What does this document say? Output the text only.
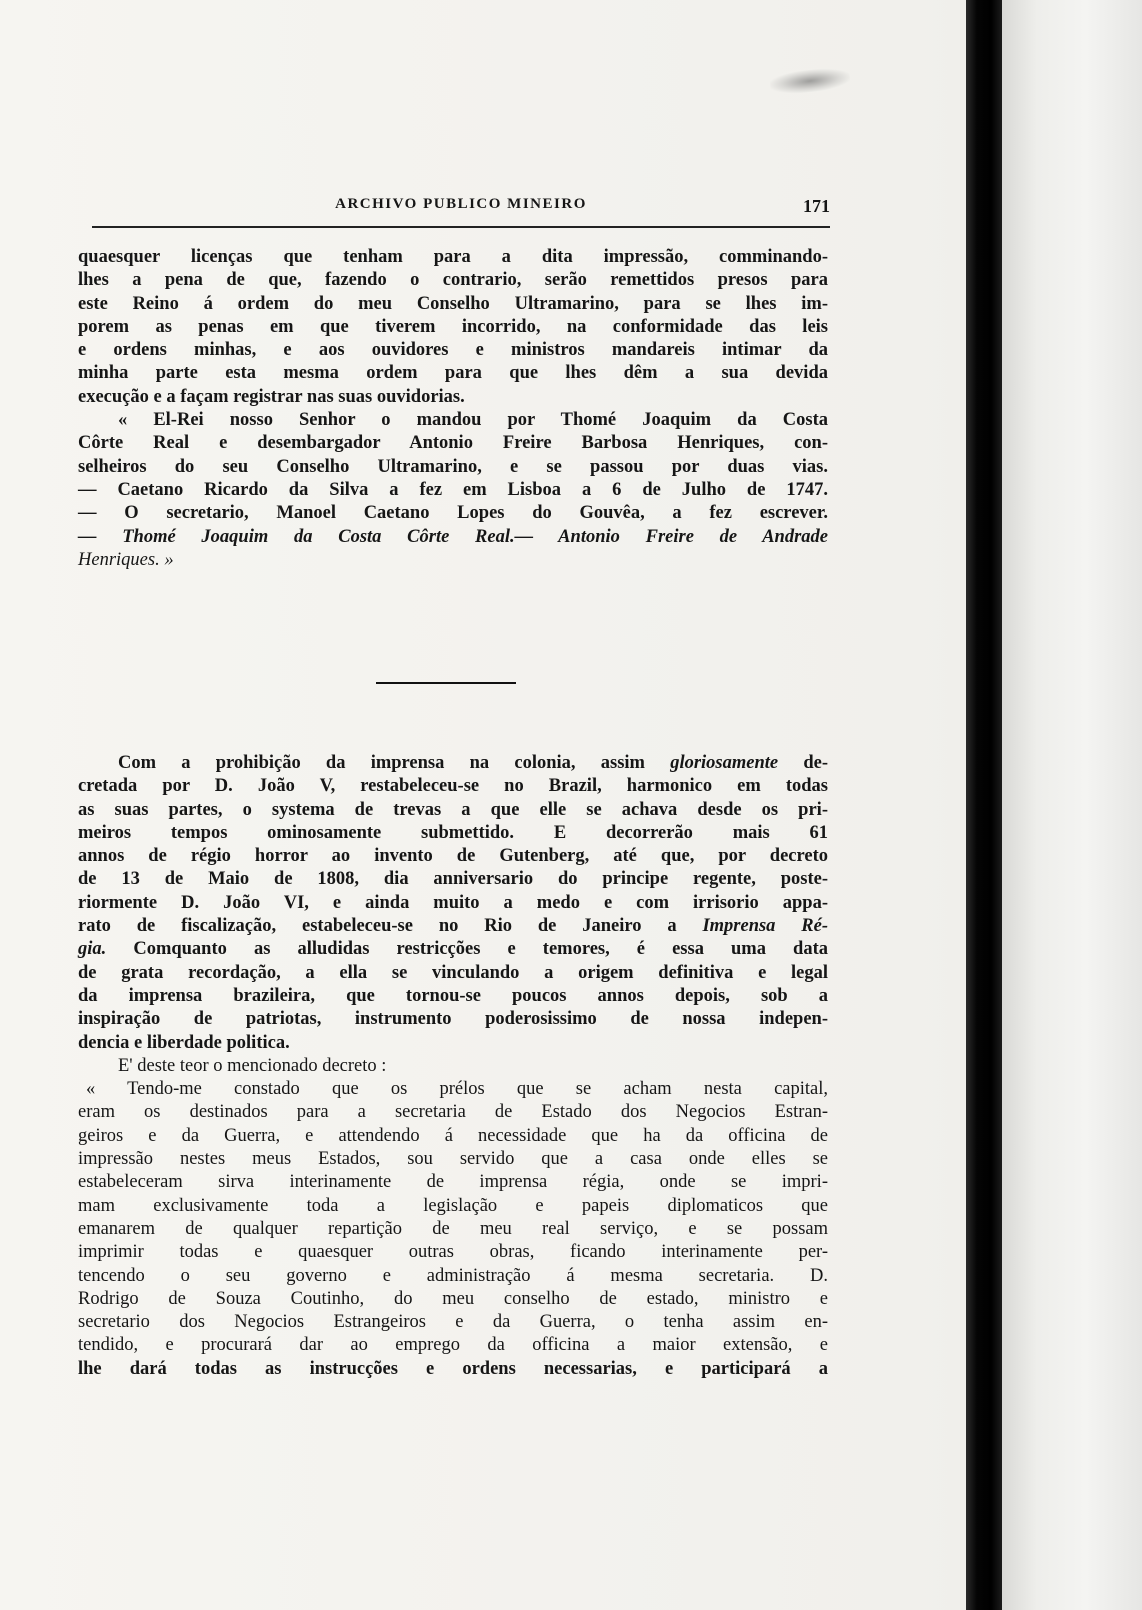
ARCHIVO PUBLICO MINEIRO	171
quaesquer licenças que tenham para a dita impressão, comminando-
lhes a pena de que, fazendo o contrario, serão remettidos presos para
este Reino á ordem do meu Conselho Ultramarino, para se lhes im-
porem as penas em que tiverem incorrido, na conformidade das leis
e ordens minhas, e aos ouvidores e ministros mandareis intimar da
minha parte esta mesma ordem para que lhes dêm a sua devida
execução e a façam registrar nas suas ouvidorias.
« El-Rei nosso Senhor o mandou por Thomé Joaquim da Costa
Côrte Real e desembargador Antonio Freire Barbosa Henriques, con-
selheiros do seu Conselho Ultramarino, e se passou por duas vias.
— Caetano Ricardo da Silva a fez em Lisboa a 6 de Julho de 1747.
— O secretario, Manoel Caetano Lopes do Gouvêa, a fez escrever.
— Thomé Joaquim da Costa Côrte Real.— Antonio Freire de Andrade
Henriques. »
Com a prohibição da imprensa na colonia, assim gloriosamente de-
cretada por D. João V, restabeleceu-se no Brazil, harmonico em todas
as suas partes, o systema de trevas a que elle se achava desde os pri-
meiros tempos ominosamente submettido. E decorrerão mais 61
annos de régio horror ao invento de Gutenberg, até que, por decreto
de 13 de Maio de 1808, dia anniversario do principe regente, poste-
riormente D. João VI, e ainda muito a medo e com irrisorio appa-
rato de fiscalização, estabeleceu-se no Rio de Janeiro a Imprensa Ré-
gia. Comquanto as alludidas restricções e temores, é essa uma data
de grata recordação, a ella se vinculando a origem definitiva e legal
da imprensa brazileira, que tornou-se poucos annos depois, sob a
inspiração de patriotas, instrumento poderosissimo de nossa indepen-
dencia e liberdade politica.
E' deste teor o mencionado decreto :
« Tendo-me constado que os prélos que se acham nesta capital,
eram os destinados para a secretaria de Estado dos Negocios Estran-
geiros e da Guerra, e attendendo á necessidade que ha da officina de
impressão nestes meus Estados, sou servido que a casa onde elles se
estabeleceram sirva interinamente de imprensa régia, onde se impri-
mam exclusivamente toda a legislação e papeis diplomaticos que
emanarem de qualquer repartição de meu real serviço, e se possam
imprimir todas e quaesquer outras obras, ficando interinamente per-
tencendo o seu governo e administração á mesma secretaria. D.
Rodrigo de Souza Coutinho, do meu conselho de estado, ministro e
secretario dos Negocios Estrangeiros e da Guerra, o tenha assim en-
tendido, e procurará dar ao emprego da officina a maior extensão, e
lhe dará todas as instrucções e ordens necessarias, e participará a
